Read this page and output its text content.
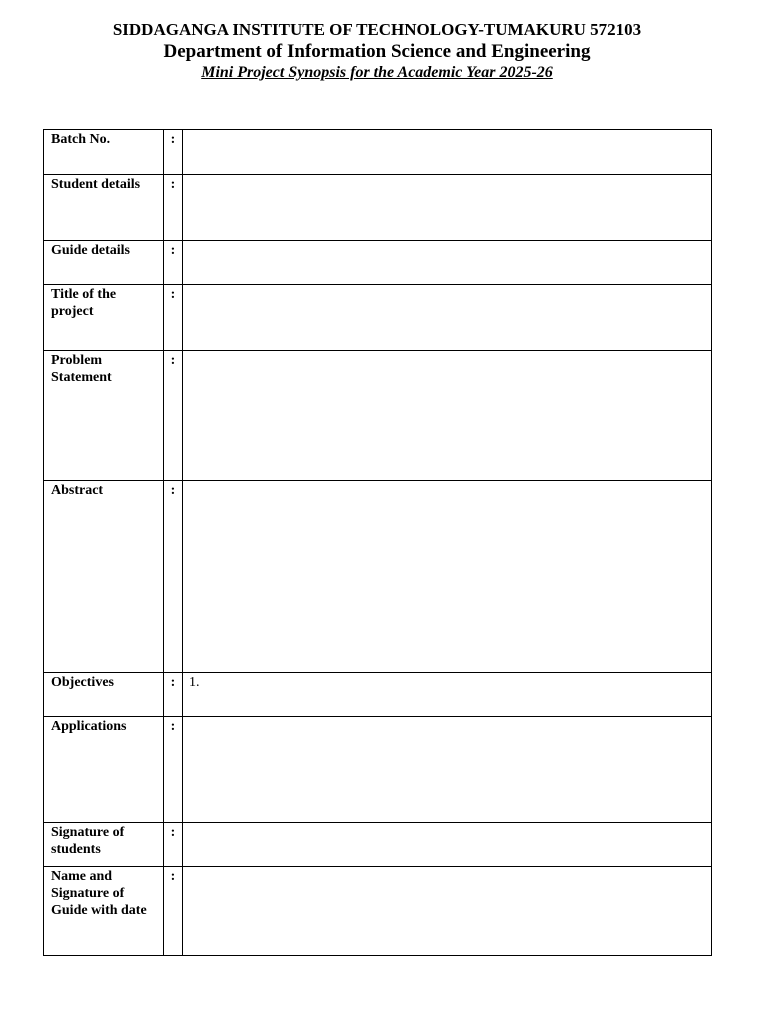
SIDDAGANGA INSTITUTE OF TECHNOLOGY-TUMAKURU 572103

Department of Information Science and Engineering

Mini Project Synopsis for the Academic Year 2025-26

Batch No.	:	

Student details	:	

Guide details	:	

Title of the project	:	

Problem Statement	:	

Abstract	:	

Objectives	:	1.

Applications	:	

Signature of students	:	

Name and Signature of Guide with date	:	
